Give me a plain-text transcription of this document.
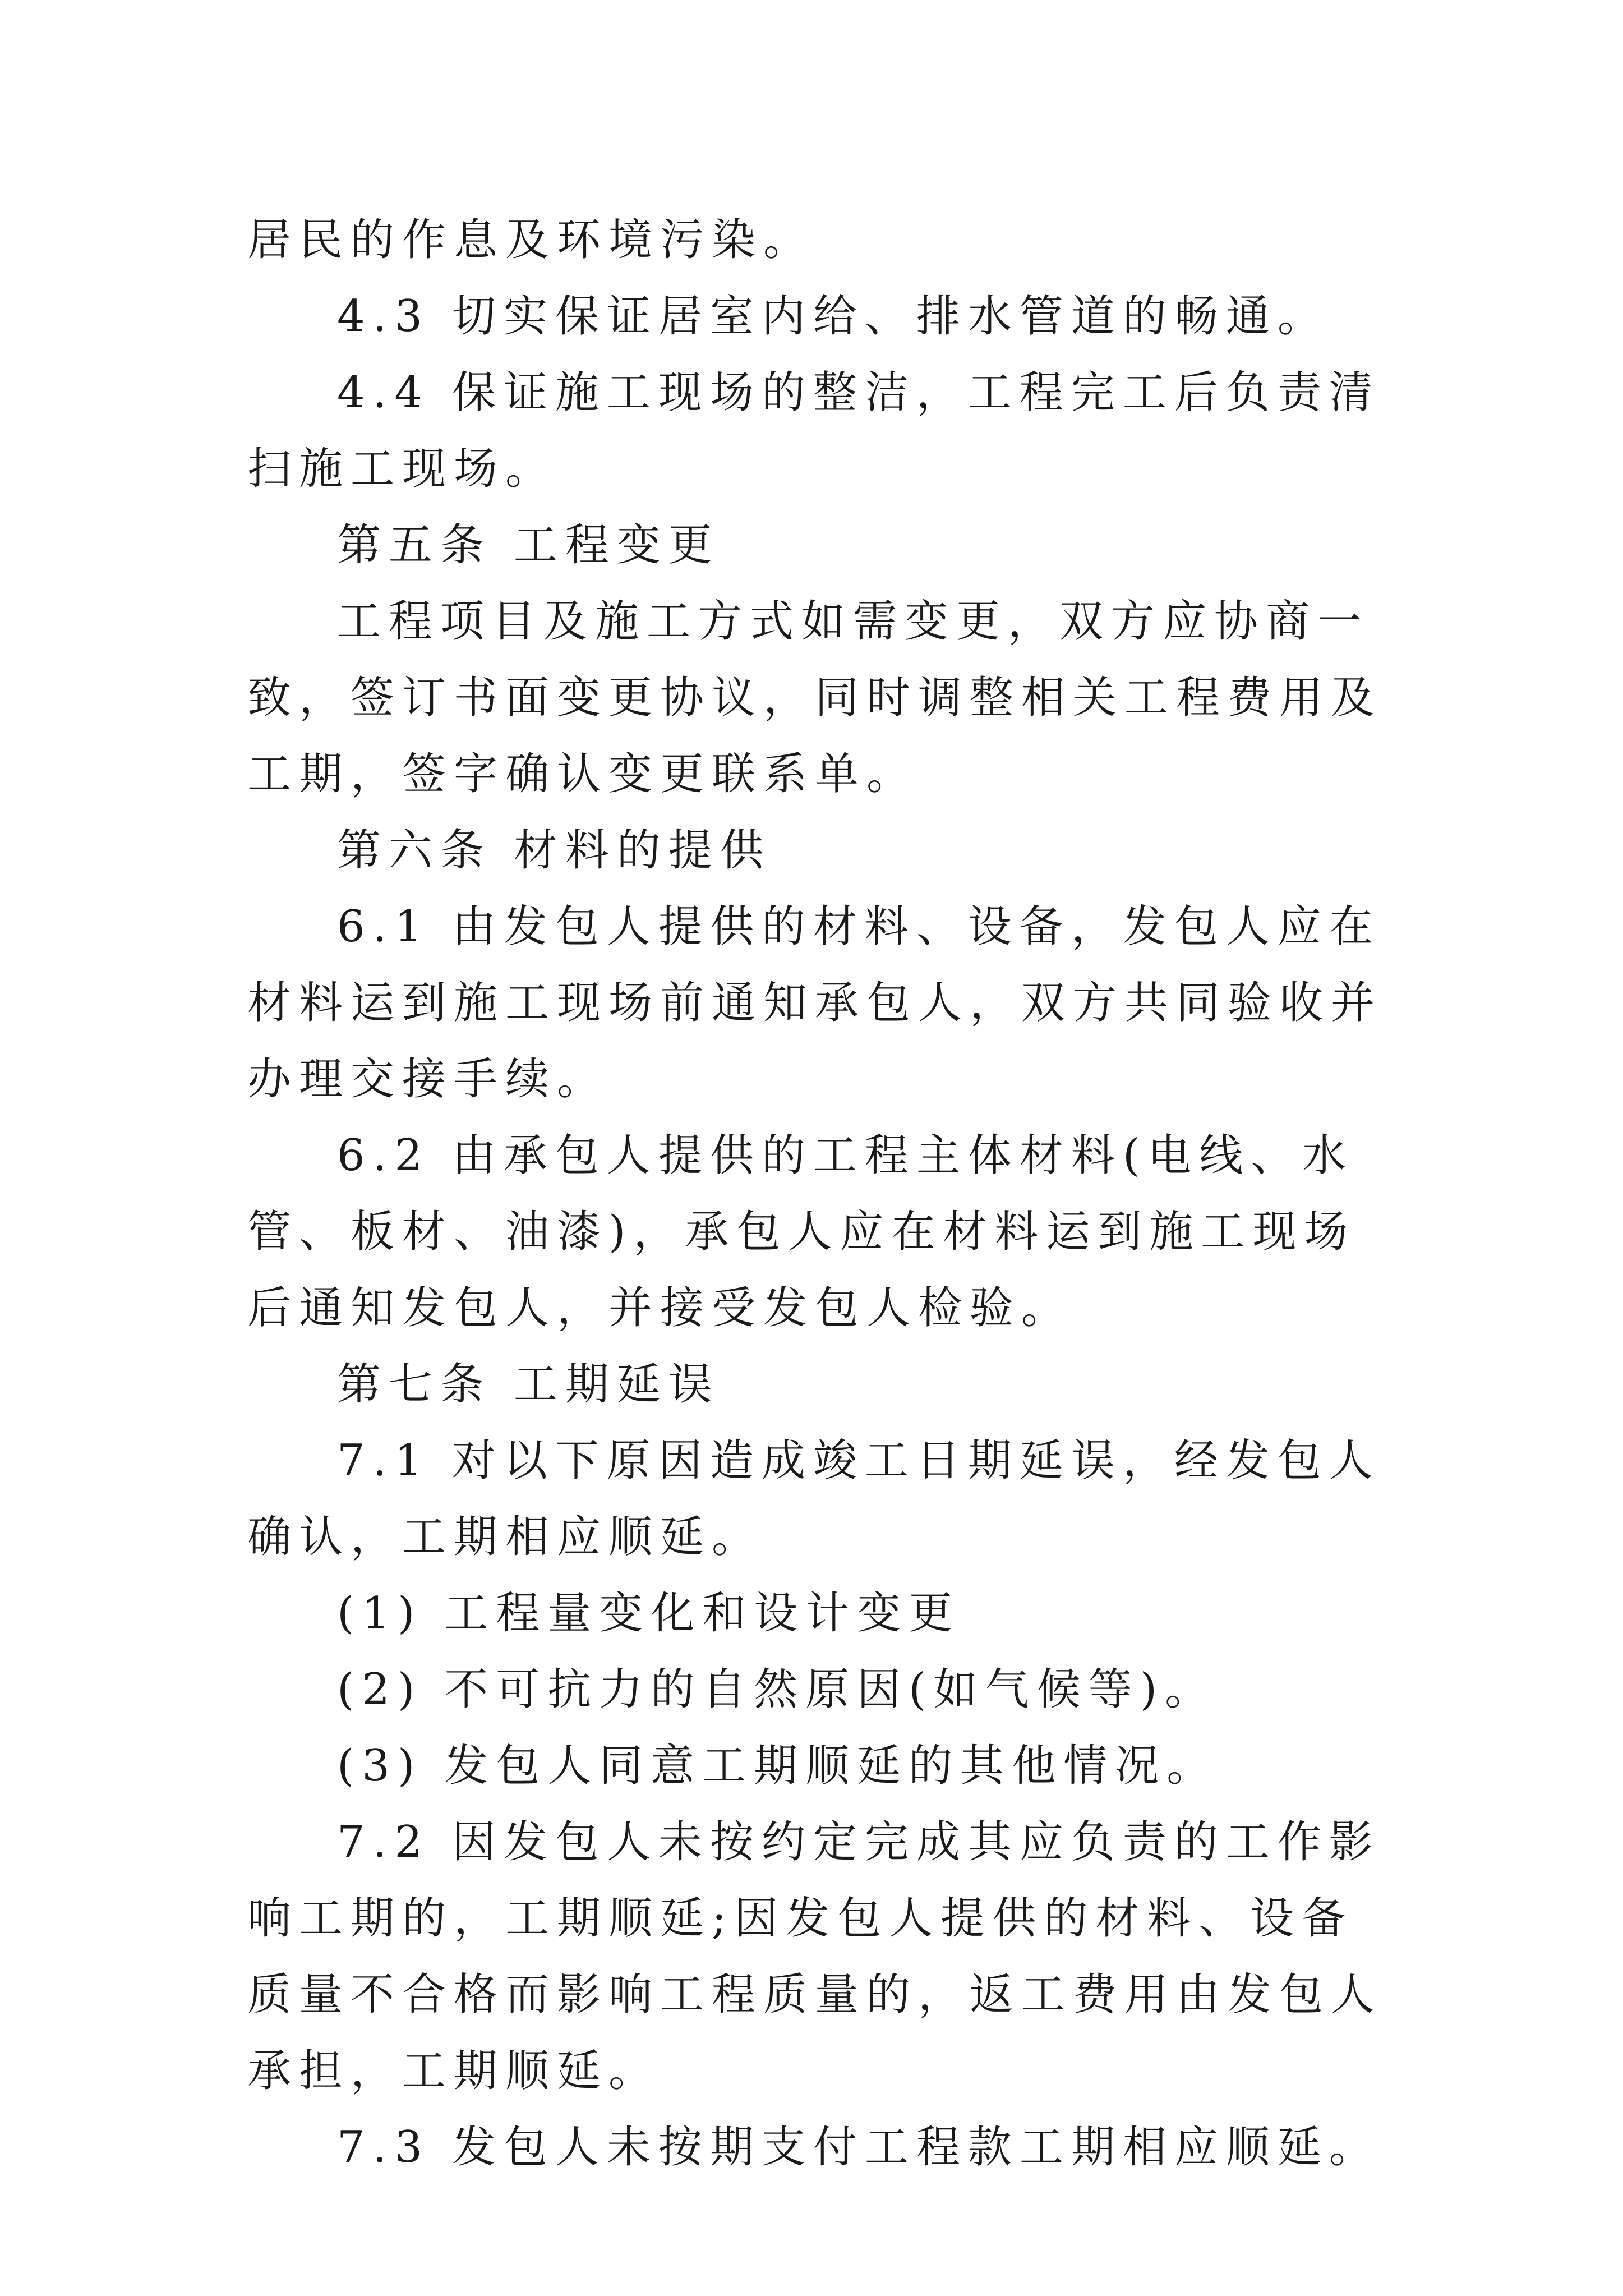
居民的作息及环境污染。

4.3 切实保证居室内给、排水管道的畅通。

4.4 保证施工现场的整洁，工程完工后负责清扫施工现场。

第五条 工程变更

工程项目及施工方式如需变更，双方应协商一致，签订书面变更协议，同时调整相关工程费用及工期，签字确认变更联系单。

第六条 材料的提供

6.1 由发包人提供的材料、设备，发包人应在材料运到施工现场前通知承包人，双方共同验收并办理交接手续。

6.2 由承包人提供的工程主体材料(电线、水管、板材、油漆)，承包人应在材料运到施工现场后通知发包人，并接受发包人检验。

第七条 工期延误

7.1 对以下原因造成竣工日期延误，经发包人确认，工期相应顺延。

(1) 工程量变化和设计变更

(2) 不可抗力的自然原因(如气候等)。

(3) 发包人同意工期顺延的其他情况。

7.2 因发包人未按约定完成其应负责的工作影响工期的，工期顺延;因发包人提供的材料、设备质量不合格而影响工程质量的，返工费用由发包人承担，工期顺延。

7.3 发包人未按期支付工程款工期相应顺延。
